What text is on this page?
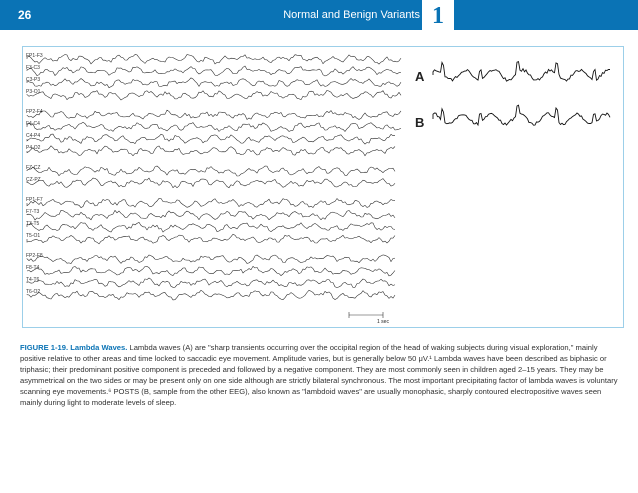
26	Normal and Benign Variants 1
FP1-F3
F3-C3
C3-P3
P3-O1
FP2-F4
F4-C4
C4-P4
P4-O2
FZ-CZ
CZ-PZ
FP1-F7
F7-T3
T3-T5
T5-O1
FP2-F8
F8-T4
T4-T6
T6-O2
A
B
1 sec
FIGURE 1-19. Lambda Waves. Lambda waves (A) are "sharp transients occurring over the occipital region of the head of waking subjects during visual exploration," mainly positive relative to other areas and time locked to saccadic eye movement. Amplitude varies, but is generally below 50 μV.¹ Lambda waves have been described as biphasic or triphasic; their predominant positive component is preceded and followed by a negative component. They are most commonly seen in children aged 2–15 years. They may be asymmetrical on the two sides or may be present only on one side although are strictly bilateral synchronous. The most important precipitating factor of lambda waves is voluntary scanning eye movements.⁶ POSTS (B, sample from the other EEG), also known as "lambdoid waves" are usually monophasic, sharply contoured electropositive waves seen mainly during light to moderate levels of sleep.
